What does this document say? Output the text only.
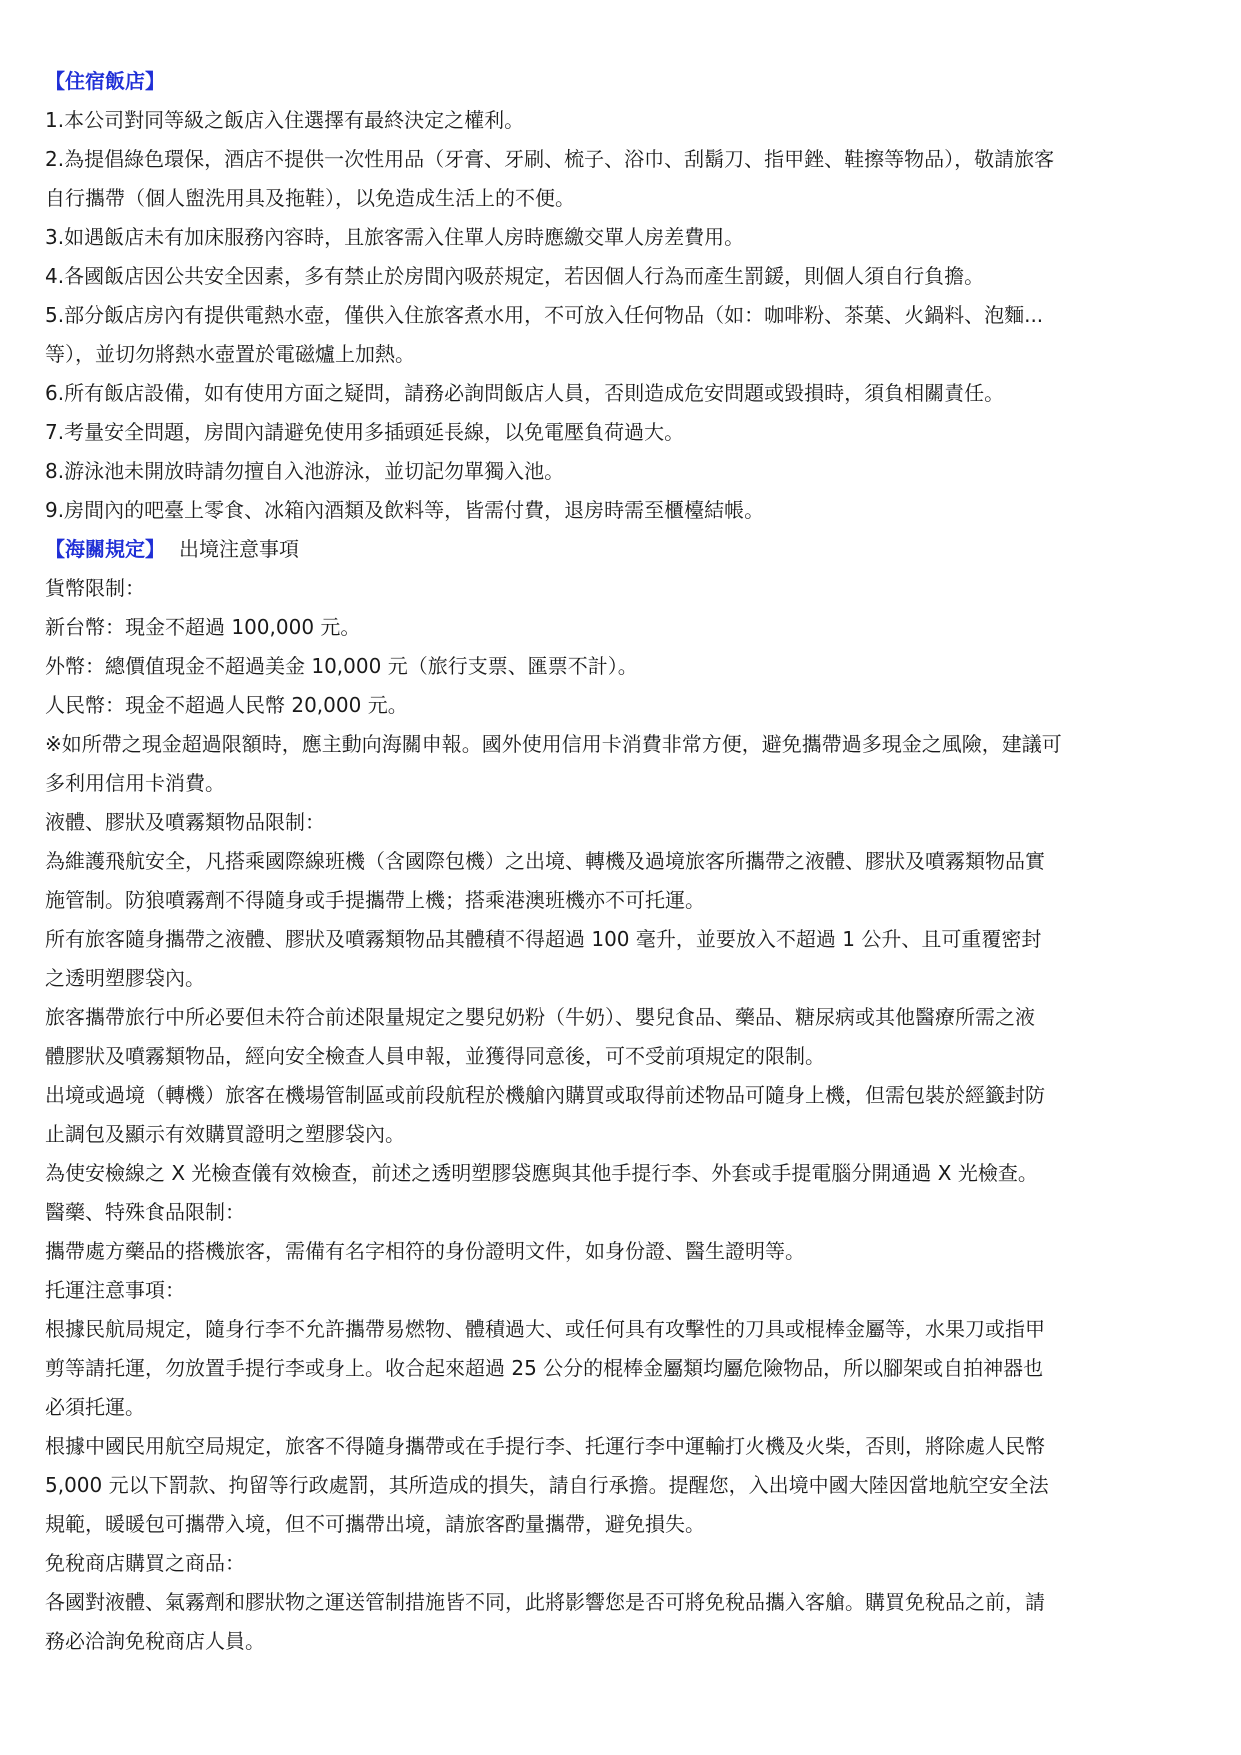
【住宿飯店】

1.本公司對同等級之飯店入住選擇有最終決定之權利。

2.為提倡綠色環保，酒店不提供一次性用品（牙膏、牙刷、梳子、浴巾、刮鬍刀、指甲銼、鞋擦等物品），敬請旅客

自行攜帶（個人盥洗用具及拖鞋），以免造成生活上的不便。

3.如遇飯店未有加床服務內容時，且旅客需入住單人房時應繳交單人房差費用。

4.各國飯店因公共安全因素，多有禁止於房間內吸菸規定，若因個人行為而產生罰鍰，則個人須自行負擔。

5.部分飯店房內有提供電熱水壺，僅供入住旅客煮水用，不可放入任何物品（如：咖啡粉、茶葉、火鍋料、泡麵...

等），並切勿將熱水壺置於電磁爐上加熱。

6.所有飯店設備，如有使用方面之疑問，請務必詢問飯店人員，否則造成危安問題或毀損時，須負相關責任。

7.考量安全問題，房間內請避免使用多插頭延長線，以免電壓負荷過大。

8.游泳池未開放時請勿擅自入池游泳，並切記勿單獨入池。

9.房間內的吧臺上零食、冰箱內酒類及飲料等，皆需付費，退房時需至櫃檯結帳。

【海關規定】 出境注意事項

貨幣限制：

新台幣：現金不超過 100,000 元。

外幣：總價值現金不超過美金 10,000 元（旅行支票、匯票不計）。

人民幣：現金不超過人民幣 20,000 元。

※如所帶之現金超過限額時，應主動向海關申報。國外使用信用卡消費非常方便，避免攜帶過多現金之風險，建議可

多利用信用卡消費。

液體、膠狀及噴霧類物品限制：

為維護飛航安全，凡搭乘國際線班機（含國際包機）之出境、轉機及過境旅客所攜帶之液體、膠狀及噴霧類物品實

施管制。防狼噴霧劑不得隨身或手提攜帶上機；搭乘港澳班機亦不可托運。

所有旅客隨身攜帶之液體、膠狀及噴霧類物品其體積不得超過 100 毫升，並要放入不超過 1 公升、且可重覆密封

之透明塑膠袋內。

旅客攜帶旅行中所必要但未符合前述限量規定之嬰兒奶粉（牛奶）、嬰兒食品、藥品、糖尿病或其他醫療所需之液

體膠狀及噴霧類物品，經向安全檢查人員申報，並獲得同意後，可不受前項規定的限制。

出境或過境（轉機）旅客在機場管制區或前段航程於機艙內購買或取得前述物品可隨身上機，但需包裝於經籤封防

止調包及顯示有效購買證明之塑膠袋內。

為使安檢線之 X 光檢查儀有效檢查，前述之透明塑膠袋應與其他手提行李、外套或手提電腦分開通過 X 光檢查。

醫藥、特殊食品限制：

攜帶處方藥品的搭機旅客，需備有名字相符的身份證明文件，如身份證、醫生證明等。

托運注意事項：

根據民航局規定，隨身行李不允許攜帶易燃物、體積過大、或任何具有攻擊性的刀具或棍棒金屬等，水果刀或指甲

剪等請托運，勿放置手提行李或身上。收合起來超過 25 公分的棍棒金屬類均屬危險物品，所以腳架或自拍神器也

必須托運。

根據中國民用航空局規定，旅客不得隨身攜帶或在手提行李、托運行李中運輸打火機及火柴，否則，將除處人民幣

5,000 元以下罰款、拘留等行政處罰，其所造成的損失，請自行承擔。提醒您，入出境中國大陸因當地航空安全法

規範，暖暖包可攜帶入境，但不可攜帶出境，請旅客酌量攜帶，避免損失。

免稅商店購買之商品：

各國對液體、氣霧劑和膠狀物之運送管制措施皆不同，此將影響您是否可將免稅品攜入客艙。購買免稅品之前，請

務必洽詢免稅商店人員。
